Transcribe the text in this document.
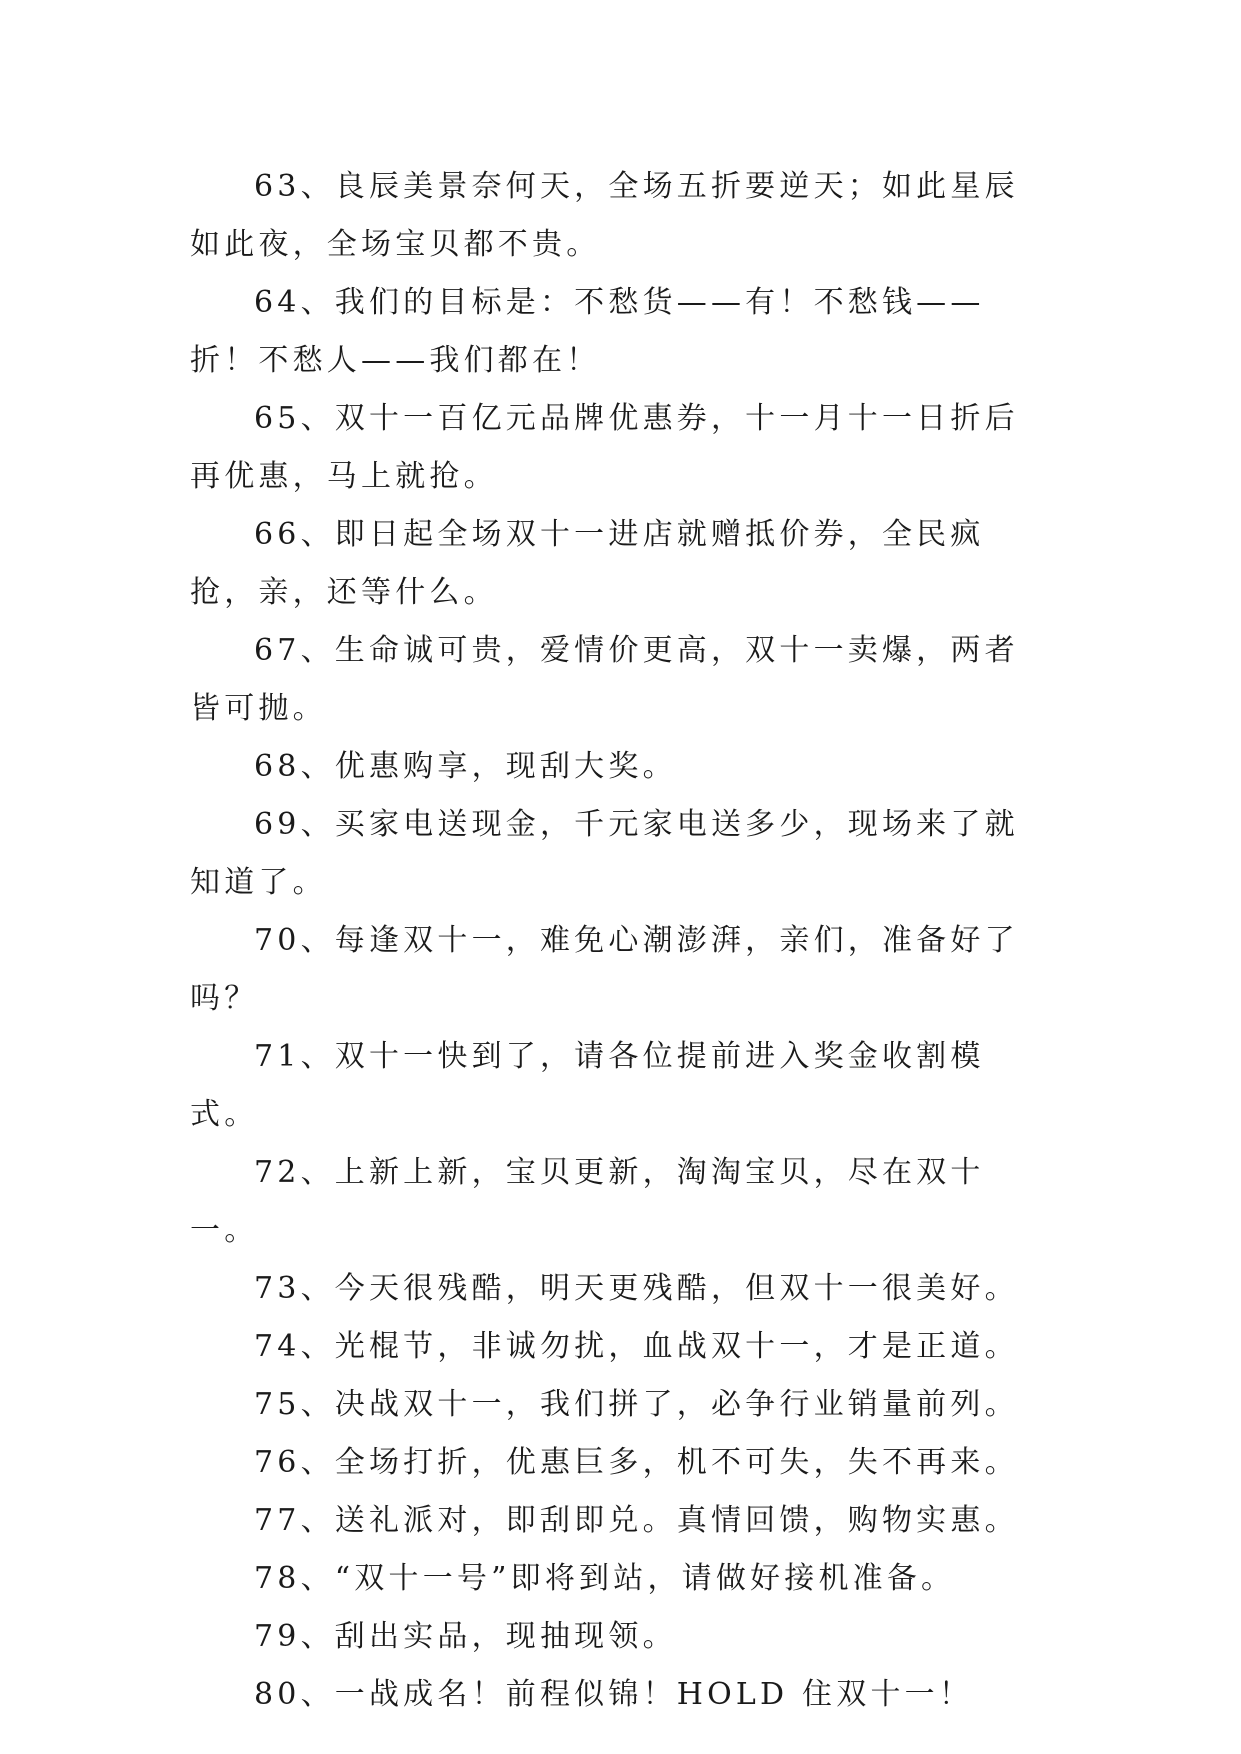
63、良辰美景奈何天，全场五折要逆天；如此星辰如此夜，全场宝贝都不贵。

64、我们的目标是：不愁货——有！不愁钱——折！不愁人——我们都在！

65、双十一百亿元品牌优惠券，十一月十一日折后再优惠，马上就抢。

66、即日起全场双十一进店就赠抵价券，全民疯抢，亲，还等什么。

67、生命诚可贵，爱情价更高，双十一卖爆，两者皆可抛。

68、优惠购享，现刮大奖。

69、买家电送现金，千元家电送多少，现场来了就知道了。

70、每逢双十一，难免心潮澎湃，亲们，准备好了吗？

71、双十一快到了，请各位提前进入奖金收割模式。

72、上新上新，宝贝更新，淘淘宝贝，尽在双十一。

73、今天很残酷，明天更残酷，但双十一很美好。

74、光棍节，非诚勿扰，血战双十一，才是正道。

75、决战双十一，我们拼了，必争行业销量前列。

76、全场打折，优惠巨多，机不可失，失不再来。

77、送礼派对，即刮即兑。真情回馈，购物实惠。

78、“双十一号”即将到站，请做好接机准备。

79、刮出实品，现抽现领。

80、一战成名！前程似锦！HOLD 住双十一！
